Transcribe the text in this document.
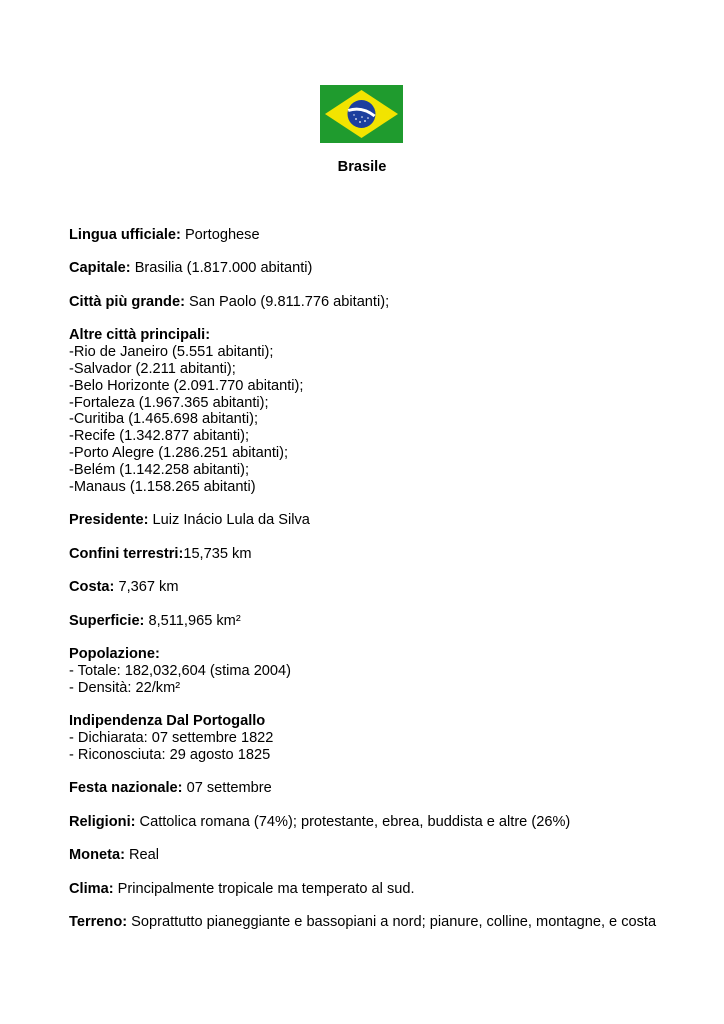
Brasile
Lingua ufficiale: Portoghese
Capitale: Brasilia (1.817.000 abitanti)
Città più grande: San Paolo (9.811.776 abitanti);
Altre città principali:
-Rio de Janeiro (5.551 abitanti);
-Salvador (2.211 abitanti);
-Belo Horizonte (2.091.770 abitanti);
-Fortaleza (1.967.365 abitanti);
-Curitiba (1.465.698 abitanti);
-Recife (1.342.877 abitanti);
-Porto Alegre (1.286.251 abitanti);
-Belém (1.142.258 abitanti);
-Manaus (1.158.265 abitanti)
Presidente: Luiz Inácio Lula da Silva
Confini terrestri:15,735 km
Costa: 7,367 km
Superficie: 8,511,965 km²
Popolazione:
- Totale: 182,032,604 (stima 2004)
- Densità: 22/km²
Indipendenza Dal Portogallo
- Dichiarata: 07 settembre 1822
- Riconosciuta: 29 agosto 1825
Festa nazionale: 07 settembre
Religioni: Cattolica romana (74%); protestante, ebrea, buddista e altre (26%)
Moneta: Real
Clima: Principalmente tropicale ma temperato al sud.
Terreno: Soprattutto pianeggiante e bassopiani a nord; pianure, colline, montagne, e costa
